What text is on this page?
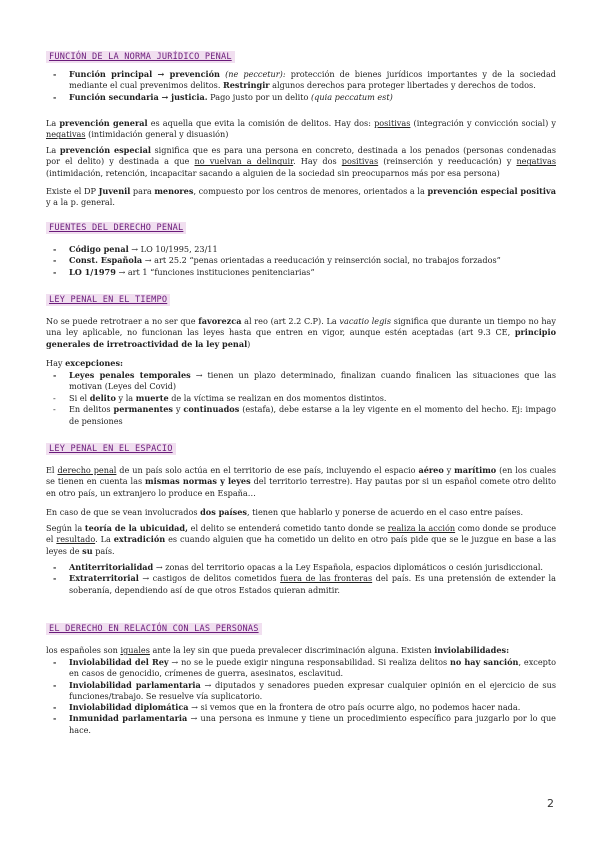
FUNCIÓN DE LA NORMA JURÍDICO PENAL
-	Función principal → prevención (ne peccetur): protección de bienes jurídicos importantes y de la sociedad mediante el cual prevenimos delitos. Restringir algunos derechos para proteger libertades y derechos de todos.
-	Función secundaria → justicia. Pago justo por un delito (quia peccatum est)

La prevención general es aquella que evita la comisión de delitos. Hay dos: positivas (integración y convicción social) y negativas (intimidación general y disuasión)

La prevención especial significa que es para una persona en concreto, destinada a los penados (personas condenadas por el delito) y destinada a que no vuelvan a delinquir. Hay dos positivas (reinserción y reeducación) y negativas (intimidación, retención, incapacitar sacando a alguien de la sociedad sin preocuparnos más por esa persona)

Existe el DP Juvenil para menores, compuesto por los centros de menores, orientados a la prevención especial positiva y a la p. general.

FUENTES DEL DERECHO PENAL
-	Código penal → LO 10/1995, 23/11
-	Const. Española → art 25.2 “penas orientadas a reeducación y reinserción social, no trabajos forzados”
-	LO 1/1979 → art 1 “funciones instituciones penitenciarias”
LEY PENAL EN EL TIEMPO

No se puede retrotraer a no ser que favorezca al reo (art 2.2 C.P). La vacatio legis significa que durante un tiempo no hay una ley aplicable, no funcionan las leyes hasta que entren en vigor, aunque estén aceptadas (art 9.3 CE, principio generales de irretroactividad de la ley penal)

Hay excepciones:

-	Leyes penales temporales → tienen un plazo determinado, finalizan cuando finalicen las situaciones que las motivan (Leyes del Covid)
-	Si el delito y la muerte de la víctima se realizan en dos momentos distintos.
-	En delitos permanentes y continuados (estafa), debe estarse a la ley vigente en el momento del hecho. Ej: impago de pensiones
LEY PENAL EN EL ESPACIO

El derecho penal de un país solo actúa en el territorio de ese país, incluyendo el espacio aéreo y marítimo (en los cuales se tienen en cuenta las mismas normas y leyes del territorio terrestre). Hay pautas por si un español comete otro delito en otro país, un extranjero lo produce en España…

En caso de que se vean involucrados dos países, tienen que hablarlo y ponerse de acuerdo en el caso entre países.

Según la teoría de la ubicuidad, el delito se entenderá cometido tanto donde se realiza la acción como donde se produce el resultado. La extradición es cuando alguien que ha cometido un delito en otro país pide que se le juzgue en base a las leyes de su país.

-	Antiterritorialidad → zonas del territorio opacas a la Ley Española, espacios diplomáticos o cesión jurisdiccional.
-	Extraterritorial → castigos de delitos cometidos fuera de las fronteras del país. Es una pretensión de extender la soberanía, dependiendo así de que otros Estados quieran admitir.
EL DERECHO EN RELACIÓN CON LAS PERSONAS

los españoles son iguales ante la ley sin que pueda prevalecer discriminación alguna. Existen inviolabilidades:

-	Inviolabilidad del Rey → no se le puede exigir ninguna responsabilidad. Si realiza delitos no hay sanción, excepto en casos de genocidio, crímenes de guerra, asesinatos, esclavitud.
-	Inviolabilidad parlamentaria → diputados y senadores pueden expresar cualquier opinión en el ejercicio de sus funciones/trabajo. Se resuelve vía suplicatorio.
-	Inviolabilidad diplomática → si vemos que en la frontera de otro país ocurre algo, no podemos hacer nada.
-	Inmunidad parlamentaria → una persona es inmune y tiene un procedimiento específico para juzgarlo por lo que hace.
2
